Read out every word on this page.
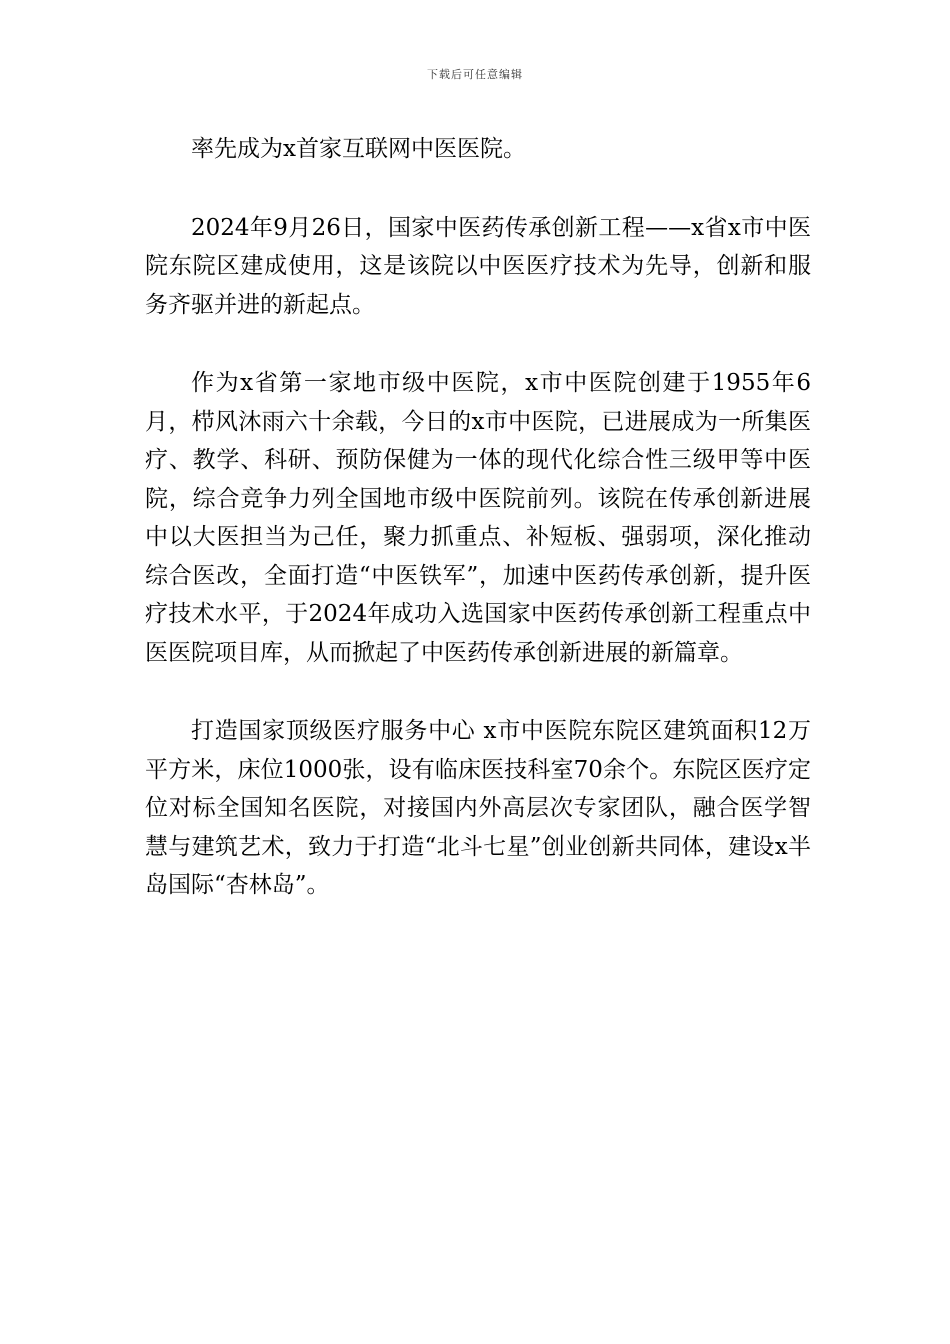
下载后可任意编辑

率先成为x首家互联网中医医院。

2024年9月26日，国家中医药传承创新工程——x省x市中医院东院区建成使用，这是该院以中医医疗技术为先导，创新和服务齐驱并进的新起点。

作为x省第一家地市级中医院，x市中医院创建于1955年6月，栉风沐雨六十余载，今日的x市中医院，已进展成为一所集医疗、教学、科研、预防保健为一体的现代化综合性三级甲等中医院，综合竞争力列全国地市级中医院前列。该院在传承创新进展中以大医担当为己任，聚力抓重点、补短板、强弱项，深化推动综合医改，全面打造“中医铁军”，加速中医药传承创新，提升医疗技术水平，于2024年成功入选国家中医药传承创新工程重点中医医院项目库，从而掀起了中医药传承创新进展的新篇章。

打造国家顶级医疗服务中心 x市中医院东院区建筑面积12万平方米，床位1000张，设有临床医技科室70余个。东院区医疗定位对标全国知名医院，对接国内外高层次专家团队，融合医学智慧与建筑艺术，致力于打造“北斗七星”创业创新共同体，建设x半岛国际“杏林岛”。
